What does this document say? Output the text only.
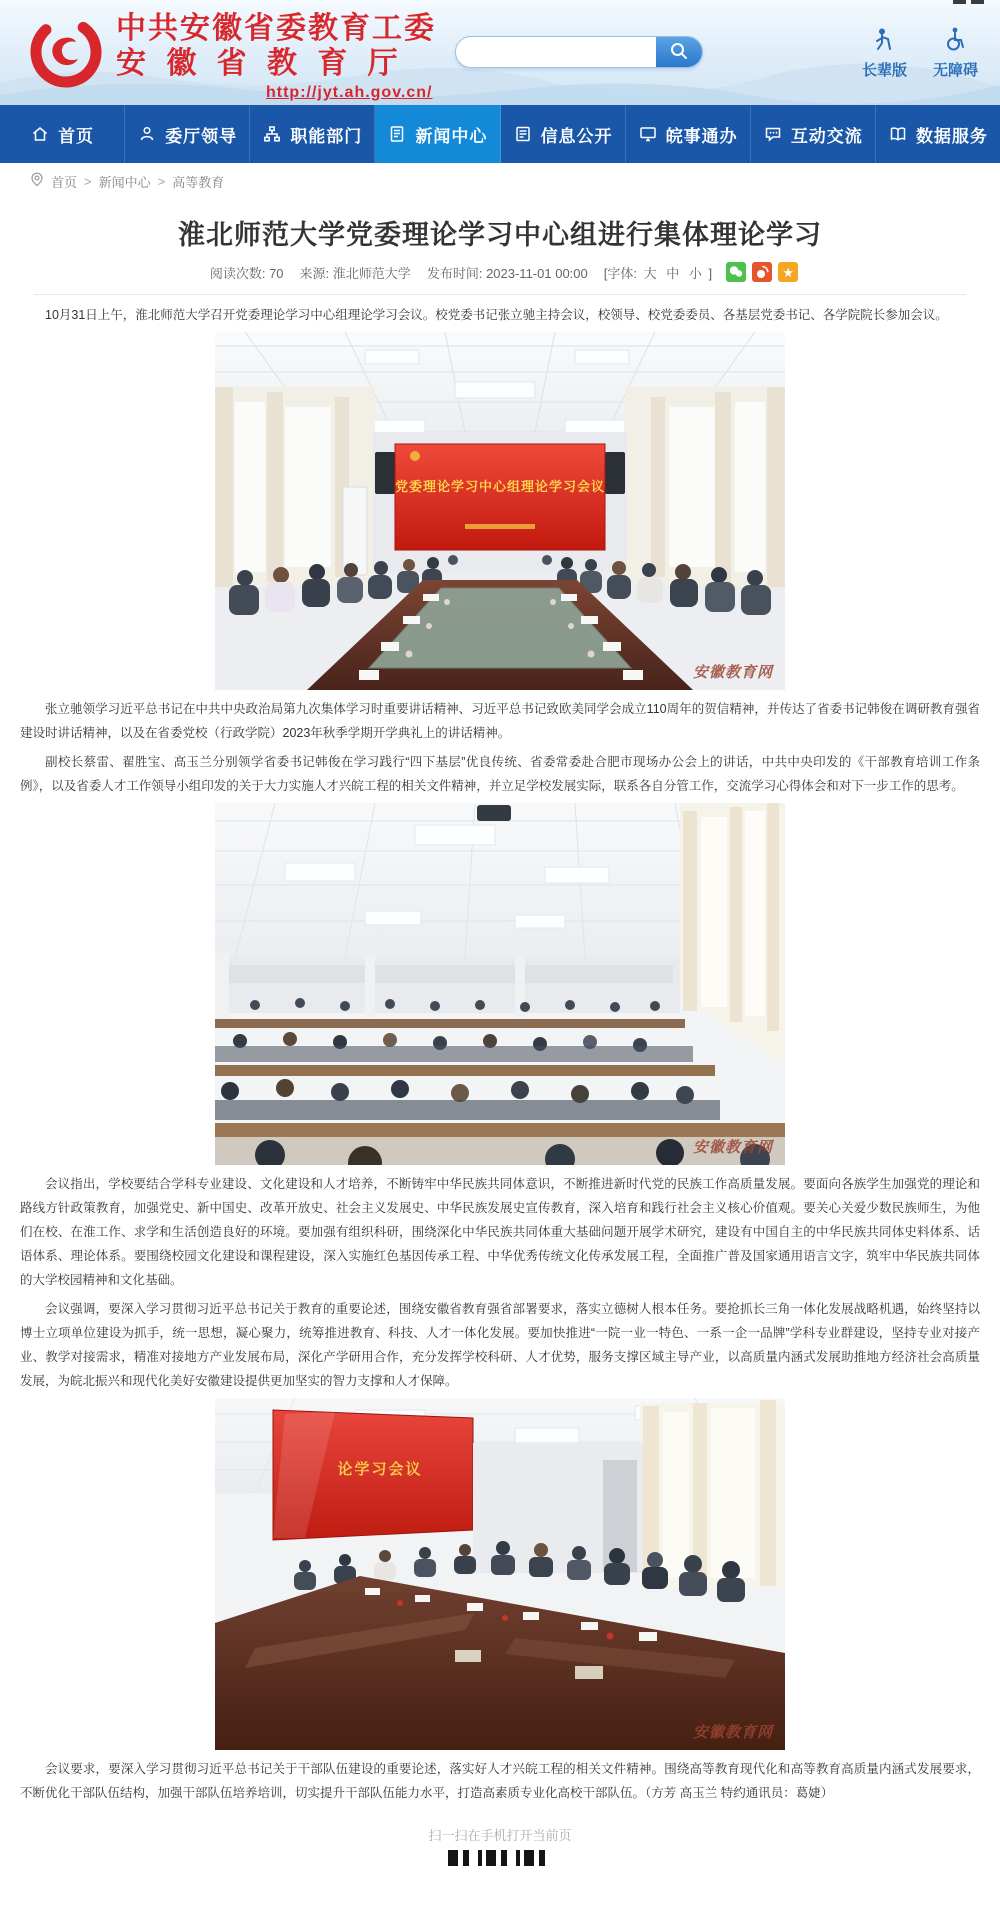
中共安徽省委教育工委
安 徽 省 教 育 厅
http://jyt.ah.gov.cn/
长辈版 无障碍
首页	委厅领导	职能部门	新闻中心	信息公开	皖事通办	互动交流	数据服务
首页 > 新闻中心 > 高等教育
淮北师范大学党委理论学习中心组进行集体理论学习
阅读次数: 70 来源: 淮北师范大学 发布时间: 2023-11-01 00:00 [字体: 大 中 小 ]	★

10月31日上午，淮北师范大学召开党委理论学习中心组理论学习会议。校党委书记张立驰主持会议，校领导、校党委委员、各基层党委书记、各学院院长参加会议。

党委理论学习中心组理论学习会议
安徽教育网

张立驰领学习近平总书记在中共中央政治局第九次集体学习时重要讲话精神、习近平总书记致欧美同学会成立110周年的贺信精神，并传达了省委书记韩俊在调研教育强省建设时讲话精神，以及在省委党校（行政学院）2023年秋季学期开学典礼上的讲话精神。

副校长蔡雷、翟胜宝、高玉兰分别领学省委书记韩俊在学习践行“四下基层”优良传统、省委常委赴合肥市现场办公会上的讲话，中共中央印发的《干部教育培训工作条例》，以及省委人才工作领导小组印发的关于大力实施人才兴皖工程的相关文件精神，并立足学校发展实际，联系各自分管工作，交流学习心得体会和对下一步工作的思考。

安徽教育网

会议指出，学校要结合学科专业建设、文化建设和人才培养，不断铸牢中华民族共同体意识，不断推进新时代党的民族工作高质量发展。要面向各族学生加强党的理论和路线方针政策教育，加强党史、新中国史、改革开放史、社会主义发展史、中华民族发展史宣传教育，深入培育和践行社会主义核心价值观。要关心关爱少数民族师生，为他们在校、在淮工作、求学和生活创造良好的环境。要加强有组织科研，围绕深化中华民族共同体重大基础问题开展学术研究，建设有中国自主的中华民族共同体史料体系、话语体系、理论体系。要围绕校园文化建设和课程建设，深入实施红色基因传承工程、中华优秀传统文化传承发展工程，全面推广普及国家通用语言文字，筑牢中华民族共同体的大学校园精神和文化基础。

会议强调，要深入学习贯彻习近平总书记关于教育的重要论述，围绕安徽省教育强省部署要求，落实立德树人根本任务。要抢抓长三角一体化发展战略机遇，始终坚持以博士立项单位建设为抓手，统一思想，凝心聚力，统筹推进教育、科技、人才一体化发展。要加快推进“一院一业一特色、一系一企一品牌”学科专业群建设，坚持专业对接产业、教学对接需求，精准对接地方产业发展布局，深化产学研用合作，充分发挥学校科研、人才优势，服务支撑区域主导产业，以高质量内涵式发展助推地方经济社会高质量发展，为皖北振兴和现代化美好安徽建设提供更加坚实的智力支撑和人才保障。

论学习会议
安徽教育网

会议要求，要深入学习贯彻习近平总书记关于干部队伍建设的重要论述，落实好人才兴皖工程的相关文件精神。围绕高等教育现代化和高等教育高质量内涵式发展要求，不断优化干部队伍结构，加强干部队伍培养培训，切实提升干部队伍能力水平，打造高素质专业化高校干部队伍。（方芳 高玉兰 特约通讯员：葛婕）

扫一扫在手机打开当前页
